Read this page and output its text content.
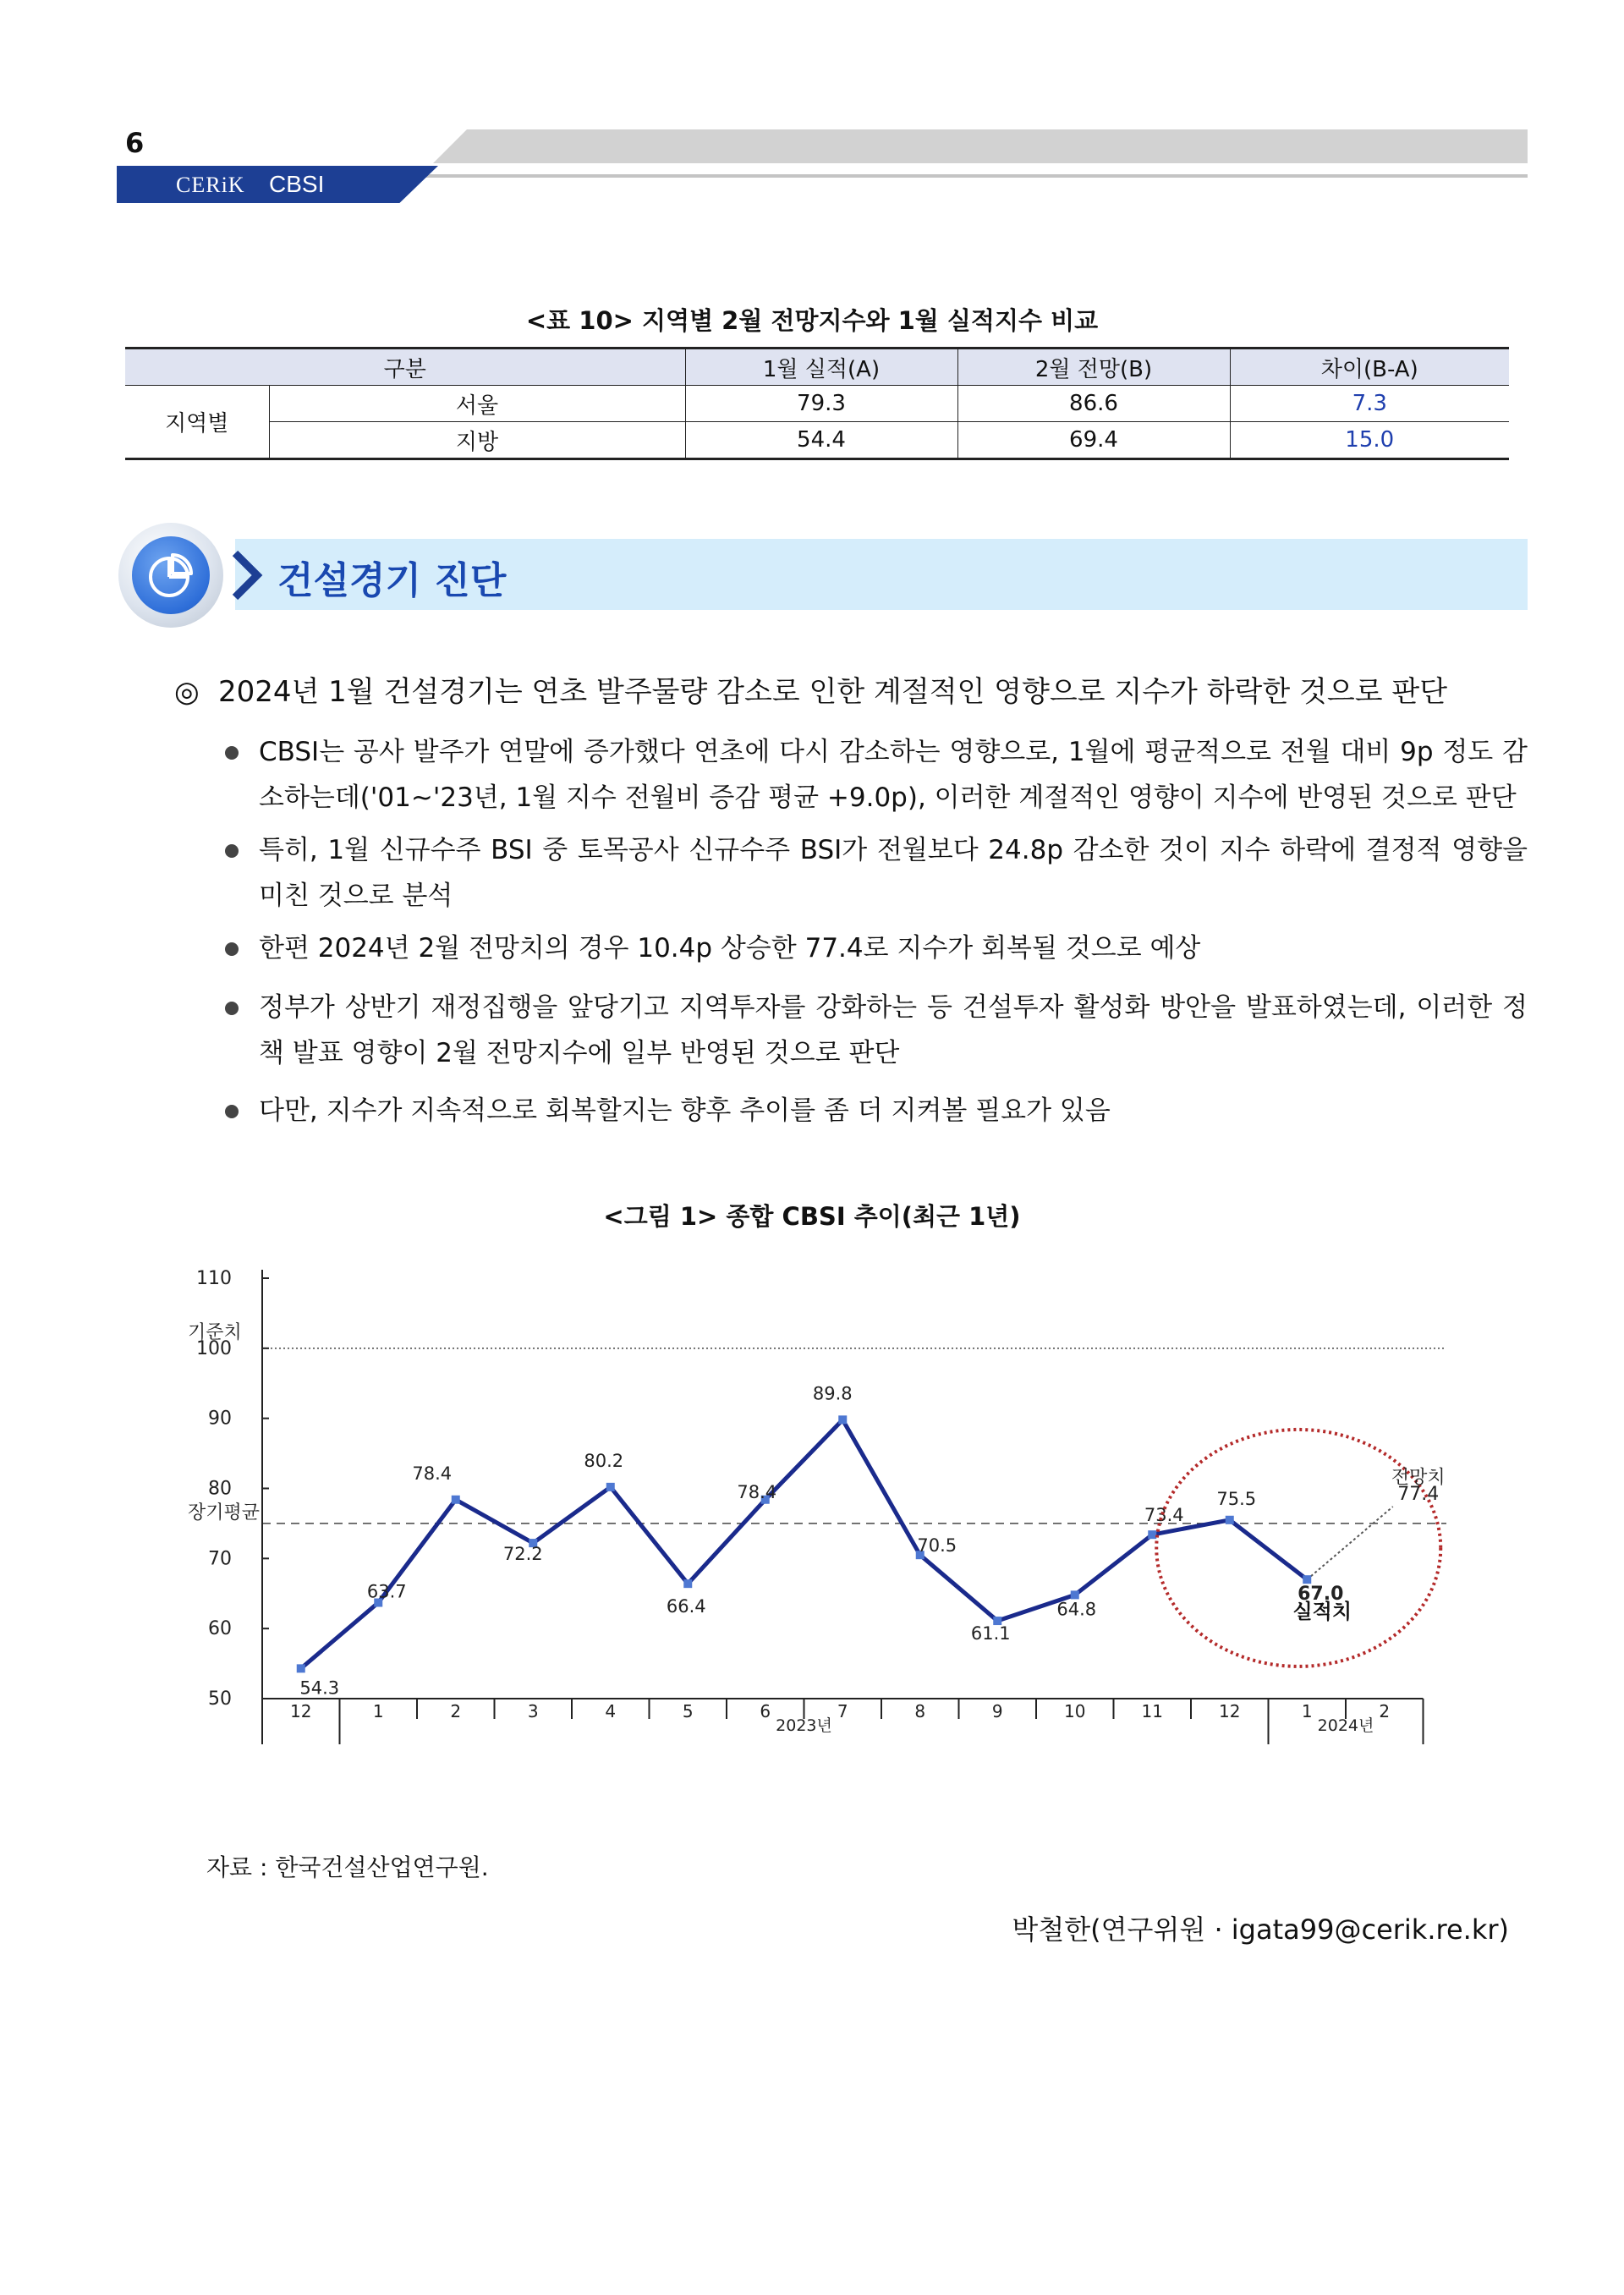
6
CERiK CBSI
<표 10> 지역별 2월 전망지수와 1월 실적지수 비교
구분		1월 실적(A)	2월 전망(B)	차이(B-A)
지역별	서울	79.3	86.6	7.3
	지방	54.4	69.4	15.0
건설경기 진단
◎ 2024년 1월 건설경기는 연초 발주물량 감소로 인한 계절적인 영향으로 지수가 하락한 것으로 판단
CBSI는 공사 발주가 연말에 증가했다 연초에 다시 감소하는 영향으로, 1월에 평균적으로 전월 대비 9p 정도 감소하는데('01~'23년, 1월 지수 전월비 증감 평균 +9.0p), 이러한 계절적인 영향이 지수에 반영된 것으로 판단
특히, 1월 신규수주 BSI 중 토목공사 신규수주 BSI가 전월보다 24.8p 감소한 것이 지수 하락에 결정적 영향을 미친 것으로 분석
한편 2024년 2월 전망치의 경우 10.4p 상승한 77.4로 지수가 회복될 것으로 예상
정부가 상반기 재정집행을 앞당기고 지역투자를 강화하는 등 건설투자 활성화 방안을 발표하였는데, 이러한 정책 발표 영향이 2월 전망지수에 일부 반영된 것으로 판단
다만, 지수가 지속적으로 회복할지는 향후 추이를 좀 더 지켜볼 필요가 있음
<그림 1> 종합 CBSI 추이(최근 1년)
기준치
장기평균
50
60
70
80
90
100
110
12	1	2	3	4	5	6	7	8	9	10	11	12	1	2
2023년	2024년
54.3
63.7
78.4
72.2
80.2
66.4
78.4
89.8
70.5
61.1
64.8
73.4
75.5
67.0
전망치
77.4
실적치
자료 : 한국건설산업연구원.
박철한(연구위원 · igata99@cerik.re.kr)
